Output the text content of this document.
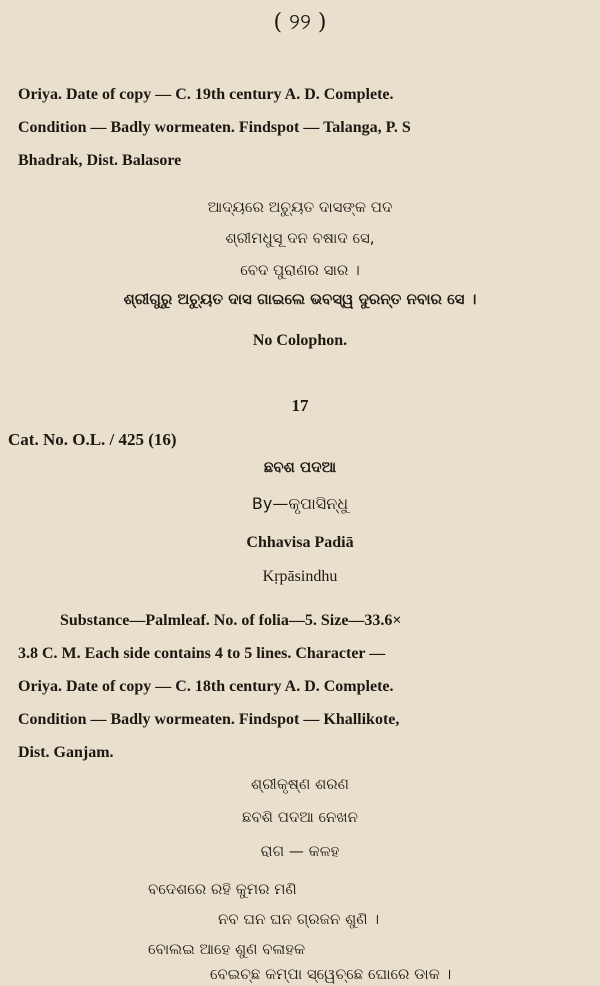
( ୨୨ )
Oriya. Date of copy — C. 19th century A. D. Complete.
Condition — Badly wormeaten. Findspot — Talanga, P. S
Bhadrak, Dist. Balasore
ଆଦ୍ୟରେ ଅଚ୍ୟୁତ ଦାସଙ୍କ ପଦ
ଶ୍ରୀମଧୁସୂ ଦନ ବଷାଦ ସେ,
ବେଦ ପୁରାଣର ସାର ।
ଶ୍ରୀଗୁରୁ ଅଚ୍ୟୁତ ଦାସ ଗାଇଲେ ଭବସ୍ୱ ଦୁରନ୍ତ ନବାର ସେ ।
No Colophon.
17
Cat. No. O.L. / 425 (16)
ଛବଶ ପଦଆ
By—କୃପାସିନ୍ଧୁ
Chhavisa Padiā
Kṛpāsindhu
Substance—Palmleaf. No. of folia—5. Size—33.6×
3.8 C. M. Each side contains 4 to 5 lines. Character —
Oriya. Date of copy — C. 18th century A. D. Complete.
Condition — Badly wormeaten. Findspot — Khallikote,
Dist. Ganjam.
ଶ୍ରୀକୃଷ୍ଣ ଶରଣ
ଛବଶି ପଦଆ ନେଖନ
ରାଗ — କଳହ
ବଦେଶରେ ରହି କୁମର ମଣି
ନବ ଘନ ଘନ ଗ୍ରଜନ ଶୁଣି ।
ବୋଲଇ ଆହେ ଶୁଣ ବଳାହକ
ବେଇଚ୍ଛ କମ୍ପା ସ୍ୱେଚ୍ଛେ ଘୋରେ ଡାକ ।
